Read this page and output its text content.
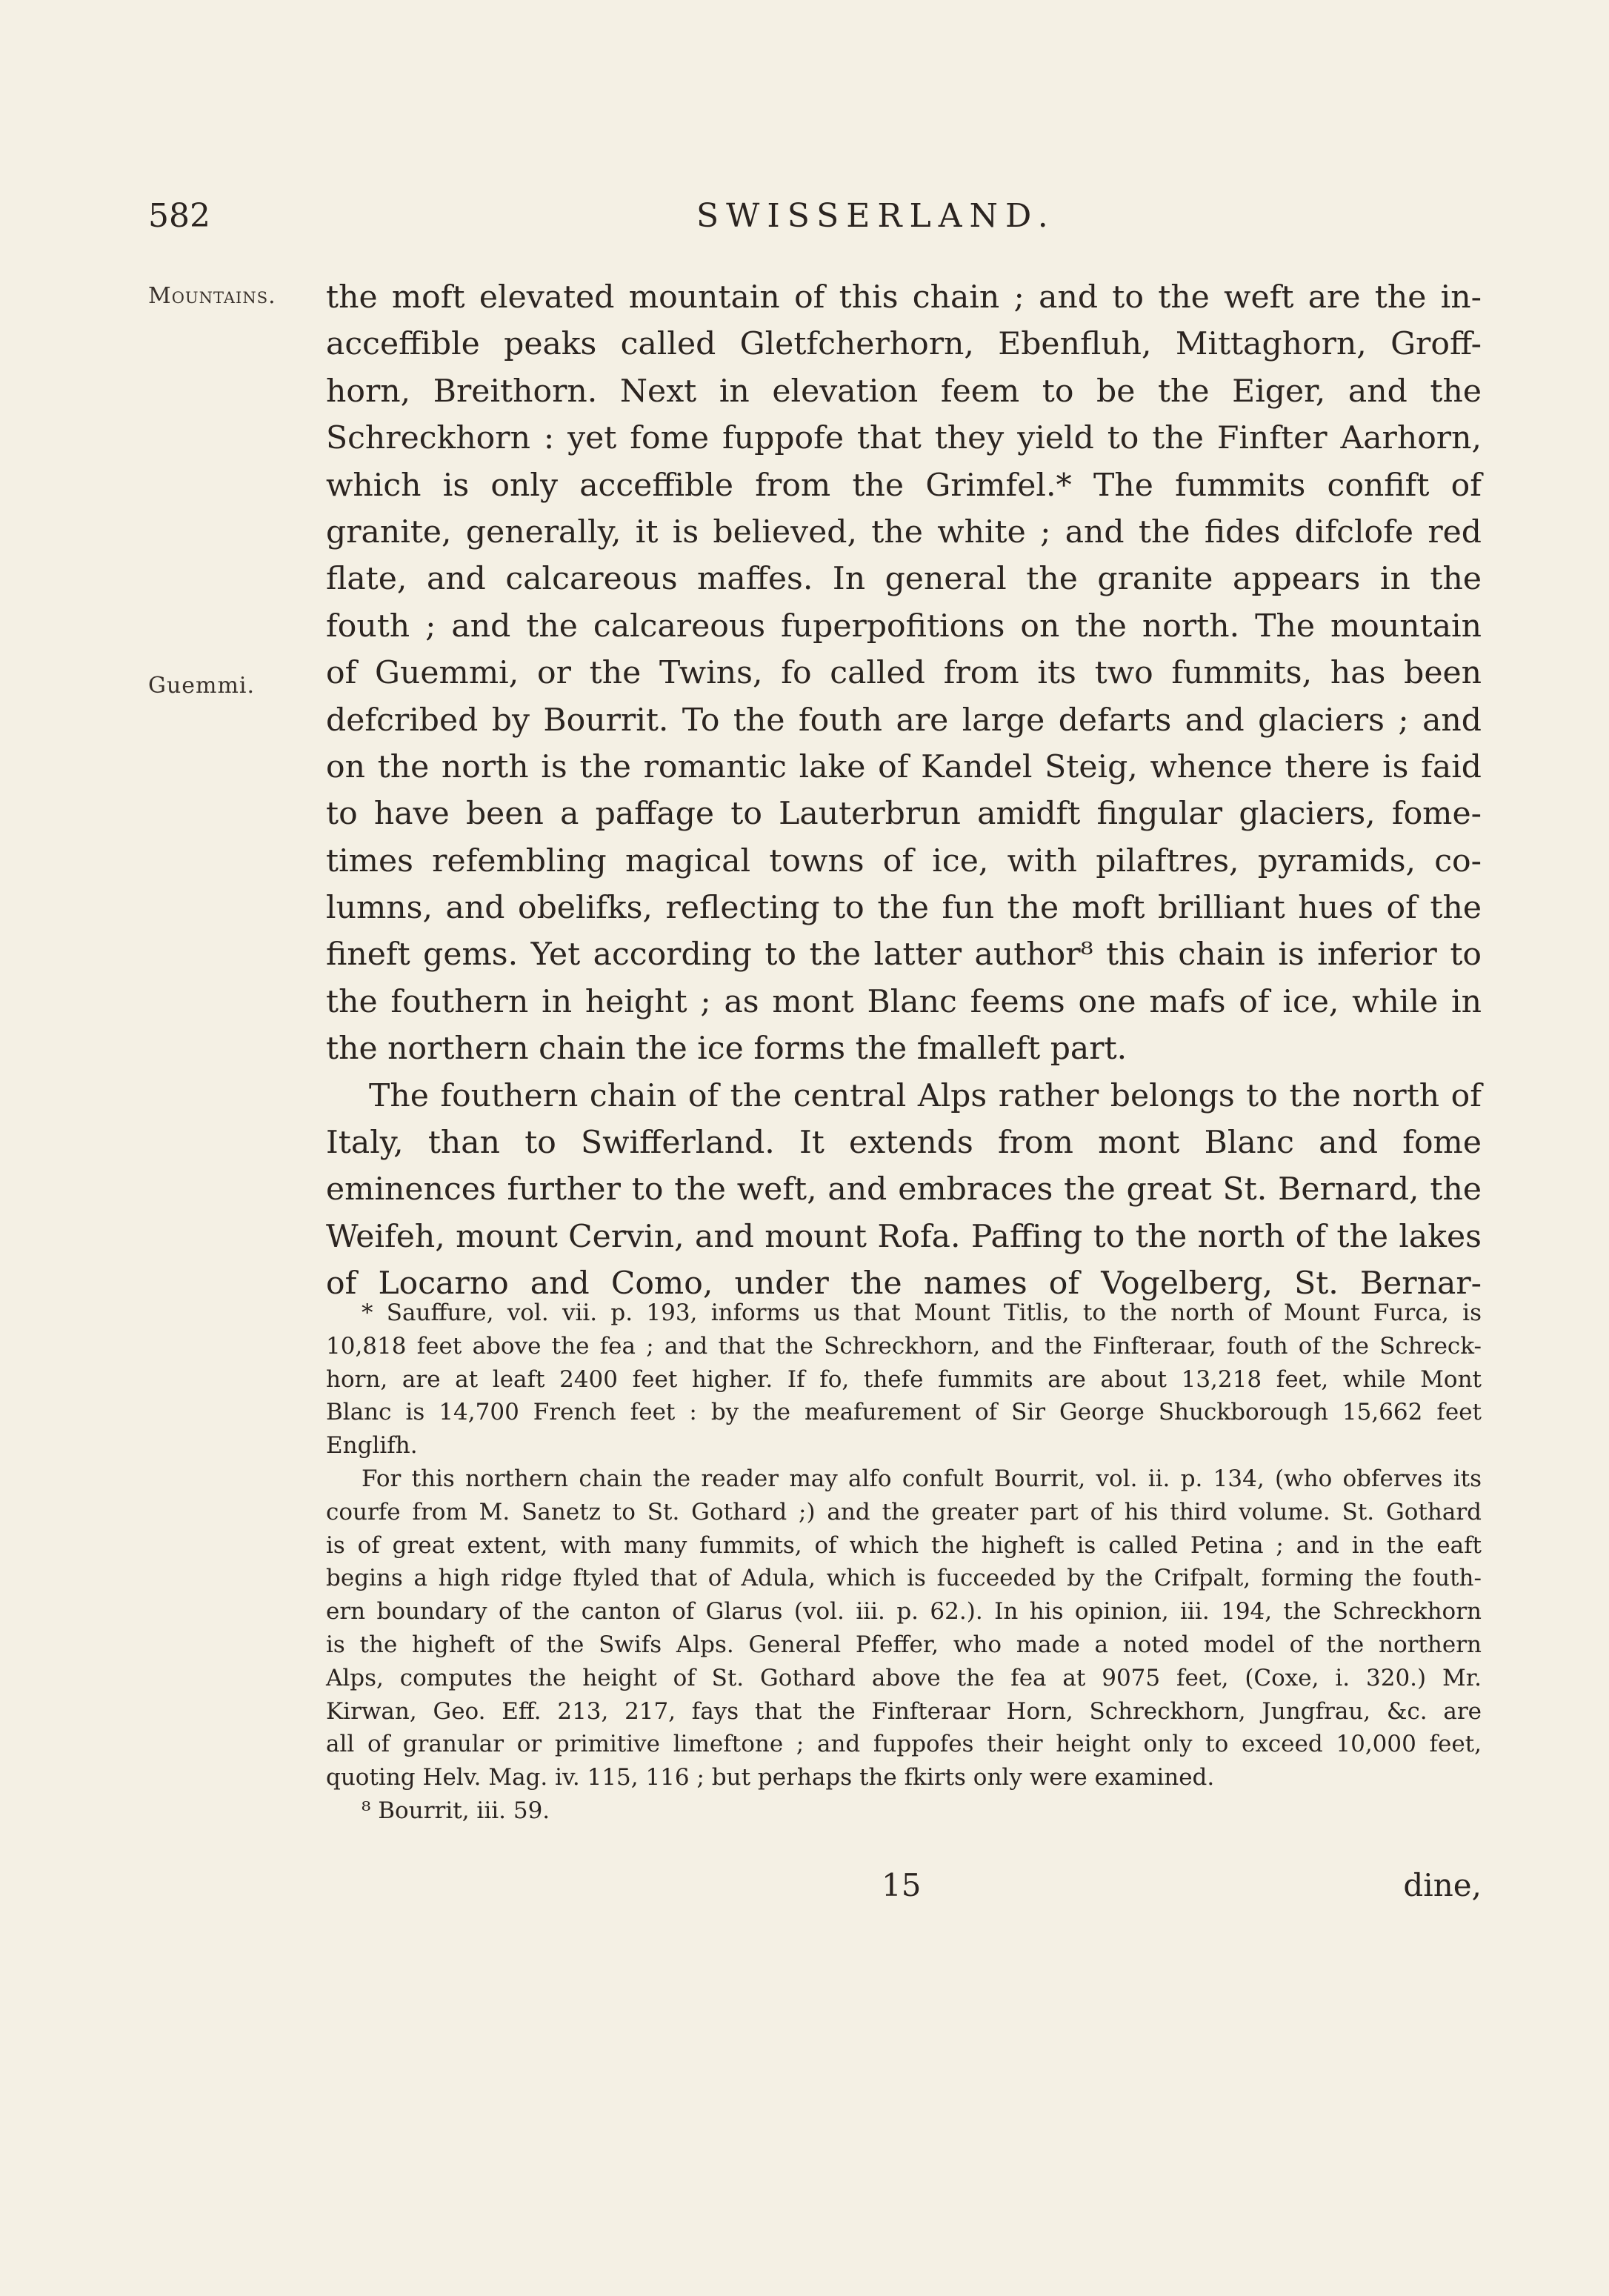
582	SWISSERLAND.
Mountains.
Guemmi.
the moft elevated mountain of this chain ; and to the weft are the in-
acceffible peaks called Gletfcherhorn, Ebenfluh, Mittaghorn, Groff-
horn, Breithorn. Next in elevation feem to be the Eiger, and the
Schreckhorn : yet fome fuppofe that they yield to the Finfter Aarhorn,
which is only acceffible from the Grimfel.* The fummits confift of
granite, generally, it is believed, the white ; and the fides difclofe red
flate, and calcareous maffes. In general the granite appears in the
fouth ; and the calcareous fuperpofitions on the north. The mountain
of Guemmi, or the Twins, fo called from its two fummits, has been
defcribed by Bourrit. To the fouth are large defarts and glaciers ; and
on the north is the romantic lake of Kandel Steig, whence there is faid
to have been a paffage to Lauterbrun amidft fingular glaciers, fome-
times refembling magical towns of ice, with pilaftres, pyramids, co-
lumns, and obelifks, reflecting to the fun the moft brilliant hues of the
fineft gems. Yet according to the latter author⁸ this chain is inferior to
the fouthern in height ; as mont Blanc feems one mafs of ice, while in
the northern chain the ice forms the fmalleft part.
The fouthern chain of the central Alps rather belongs to the north of
Italy, than to Swifferland. It extends from mont Blanc and fome
eminences further to the weft, and embraces the great St. Bernard, the
Weifeh, mount Cervin, and mount Rofa. Paffing to the north of the lakes
of Locarno and Como, under the names of Vogelberg, St. Bernar-
* Sauffure, vol. vii. p. 193, informs us that Mount Titlis, to the north of Mount Furca, is
10,818 feet above the fea ; and that the Schreckhorn, and the Finfteraar, fouth of the Schreck-
horn, are at leaft 2400 feet higher. If fo, thefe fummits are about 13,218 feet, while Mont
Blanc is 14,700 French feet : by the meafurement of Sir George Shuckborough 15,662 feet
Englifh.
For this northern chain the reader may alfo confult Bourrit, vol. ii. p. 134, (who obferves its
courfe from M. Sanetz to St. Gothard ;) and the greater part of his third volume. St. Gothard
is of great extent, with many fummits, of which the higheft is called Petina ; and in the eaft
begins a high ridge ftyled that of Adula, which is fucceeded by the Crifpalt, forming the fouth-
ern boundary of the canton of Glarus (vol. iii. p. 62.). In his opinion, iii. 194, the Schreckhorn
is the higheft of the Swifs Alps. General Pfeffer, who made a noted model of the northern
Alps, computes the height of St. Gothard above the fea at 9075 feet, (Coxe, i. 320.) Mr.
Kirwan, Geo. Eff. 213, 217, fays that the Finfteraar Horn, Schreckhorn, Jungfrau, &c. are
all of granular or primitive limeftone ; and fuppofes their height only to exceed 10,000 feet,
quoting Helv. Mag. iv. 115, 116 ; but perhaps the fkirts only were examined.
⁸ Bourrit, iii. 59.
15	dine,
